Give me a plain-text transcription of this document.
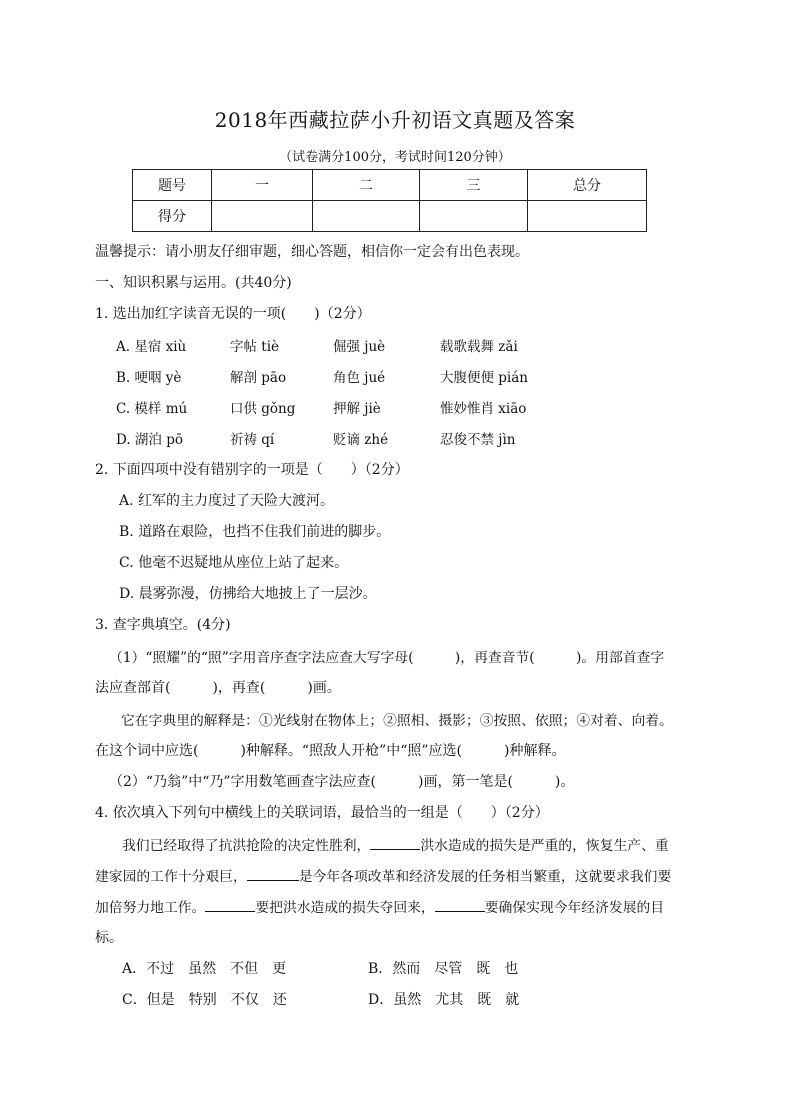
2018年西藏拉萨小升初语文真题及答案
（试卷满分100分，考试时间120分钟）
题号	一	二	三	总分
得分				
温馨提示：请小朋友仔细审题，细心答题，相信你一定会有出色表现。
一、知识积累与运用。(共40分)
1. 选出加红字读音无误的一项(　　)（2分）
A. 星宿 xiù	字帖 tiè	倔强 juè	载歌载舞 zǎi
B. 哽咽 yè	解剖 pāo	角色 jué	大腹便便 pián
C. 模样 mú	口供 gǒng	押解 jiè	惟妙惟肖 xiāo
D. 湖泊 pō	祈祷 qí	贬谪 zhé	忍俊不禁 jìn
2. 下面四项中没有错别字的一项是（　　）（2分）
A. 红军的主力度过了天险大渡河。
B. 道路在艰险，也挡不住我们前进的脚步。
C. 他毫不迟疑地从座位上站了起来。
D. 晨雾弥漫，仿拂给大地披上了一层沙。
3. 查字典填空。(4分)
（1）“照耀”的“照”字用音序查字法应查大写字母(　　　)，再查音节(　　　)。用部首查字
法应查部首(　　　)，再查(　　　)画。
它在字典里的解释是：①光线射在物体上；②照相、摄影；③按照、依照；④对着、向着。
在这个词中应选(　　　)种解释。“照敌人开枪”中“照”应选(　　　)种解释。
（2）“乃翁”中“乃”字用数笔画查字法应查(　　　)画，第一笔是(　　　)。
4. 依次填入下列句中横线上的关联词语，最恰当的一组是（　　）（2分）
我们已经取得了抗洪抢险的决定性胜利，	洪水造成的损失是严重的，恢复生产、重
建家园的工作十分艰巨，	是今年各项改革和经济发展的任务相当繁重，这就要求我们要
加倍努力地工作。	要把洪水造成的损失夺回来，	要确保实现今年经济发展的目
标。
A．不过　虽然　不但　更	B．然而　尽管　既　也
C．但是　特别　不仅　还	D．虽然　尤其　既　就
